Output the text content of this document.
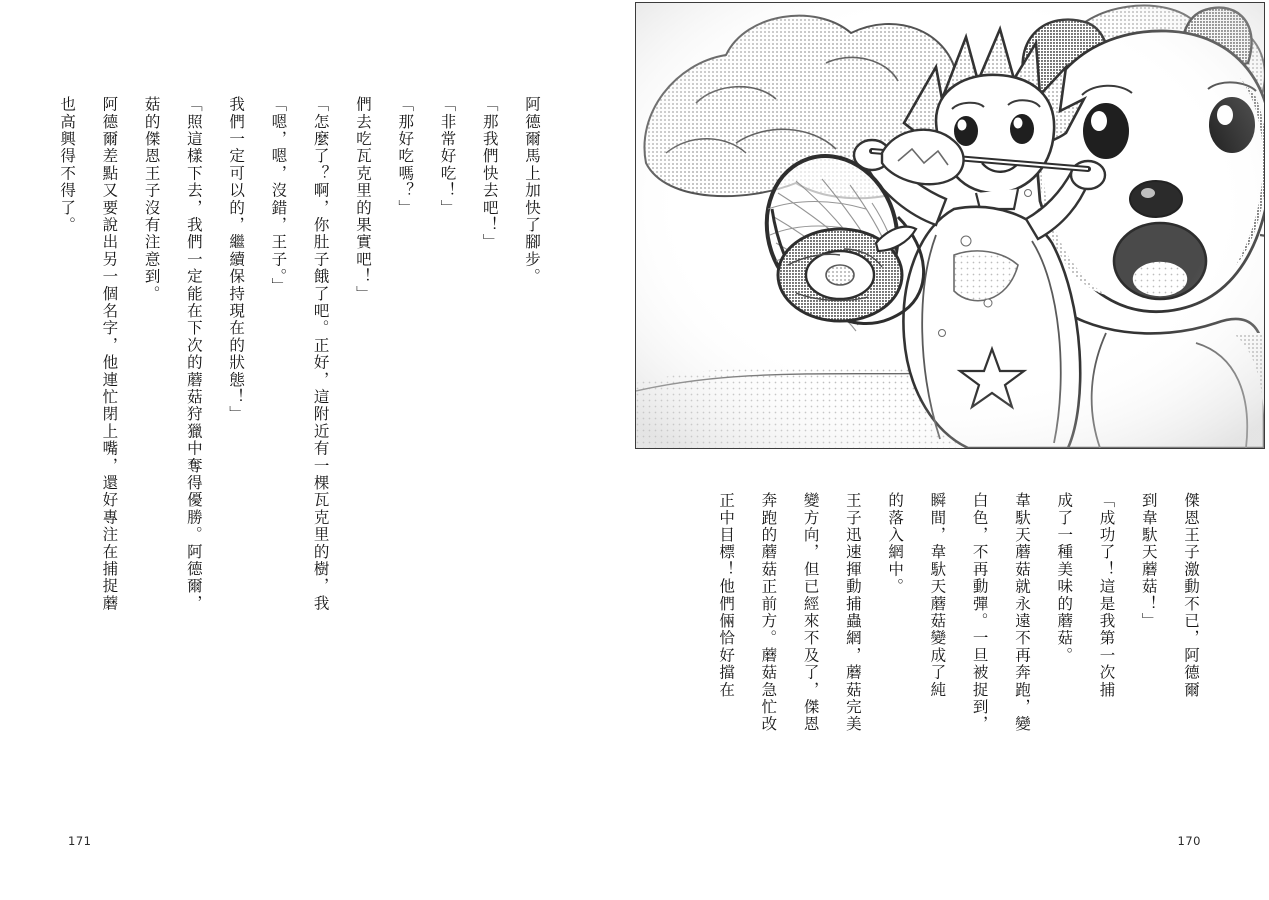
也高興得不得了。 阿德爾差點又要說出另一個名字，他連忙閉上嘴，還好專注在捕捉蘑 菇的傑恩王子沒有注意到。 「照這樣下去，我們一定能在下次的蘑菇狩獵中奪得優勝。阿德爾， 我們一定可以的，繼續保持現在的狀態！」 「嗯，嗯，沒錯，王子。」 「怎麼了？啊，你肚子餓了吧。正好，這附近有一棵瓦克里的樹，我 們去吃瓦克里的果實吧！」 「那好吃嗎？」 「非常好吃！」 「那我們快去吧！」 阿德爾馬上加快了腳步。
171
正中目標！他們倆恰好擋在 奔跑的蘑菇正前方。蘑菇急忙改 變方向，但已經來不及了，傑恩 王子迅速揮動捕蟲網，蘑菇完美 的落入網中。 瞬間，韋馱天蘑菇變成了純 白色，不再動彈。一旦被捉到， 韋馱天蘑菇就永遠不再奔跑，變 成了一種美味的蘑菇。 「成功了！這是我第一次捕 到韋馱天蘑菇！」 傑恩王子激動不已，阿德爾
170
